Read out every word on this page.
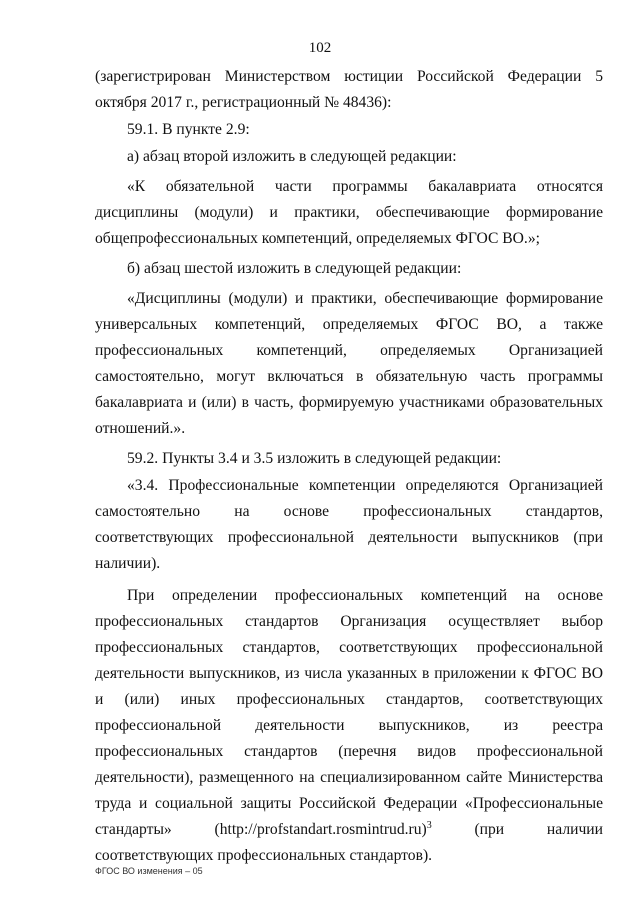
102

(зарегистрирован Министерством юстиции Российской Федерации 5 октября 2017 г., регистрационный № 48436):

59.1. В пункте 2.9:

а) абзац второй изложить в следующей редакции:

«К обязательной части программы бакалавриата относятся дисциплины (модули) и практики, обеспечивающие формирование общепрофессиональных компетенций, определяемых ФГОС ВО.»;

б) абзац шестой изложить в следующей редакции:

«Дисциплины (модули) и практики, обеспечивающие формирование универсальных компетенций, определяемых ФГОС ВО, а также профессиональных компетенций, определяемых Организацией самостоятельно, могут включаться в обязательную часть программы бакалавриата и (или) в часть, формируемую участниками образовательных отношений.».

59.2. Пункты 3.4 и 3.5 изложить в следующей редакции:

«3.4. Профессиональные компетенции определяются Организацией самостоятельно на основе профессиональных стандартов, соответствующих профессиональной деятельности выпускников (при наличии).

При определении профессиональных компетенций на основе профессиональных стандартов Организация осуществляет выбор профессиональных стандартов, соответствующих профессиональной деятельности выпускников, из числа указанных в приложении к ФГОС ВО и (или) иных профессиональных стандартов, соответствующих профессиональной деятельности выпускников, из реестра профессиональных стандартов (перечня видов профессиональной деятельности), размещенного на специализированном сайте Министерства труда и социальной защиты Российской Федерации «Профессиональные стандарты» (http://profstandart.rosmintrud.ru)$^3$ (при наличии соответствующих профессиональных стандартов).

ФГОС ВО изменения – 05
